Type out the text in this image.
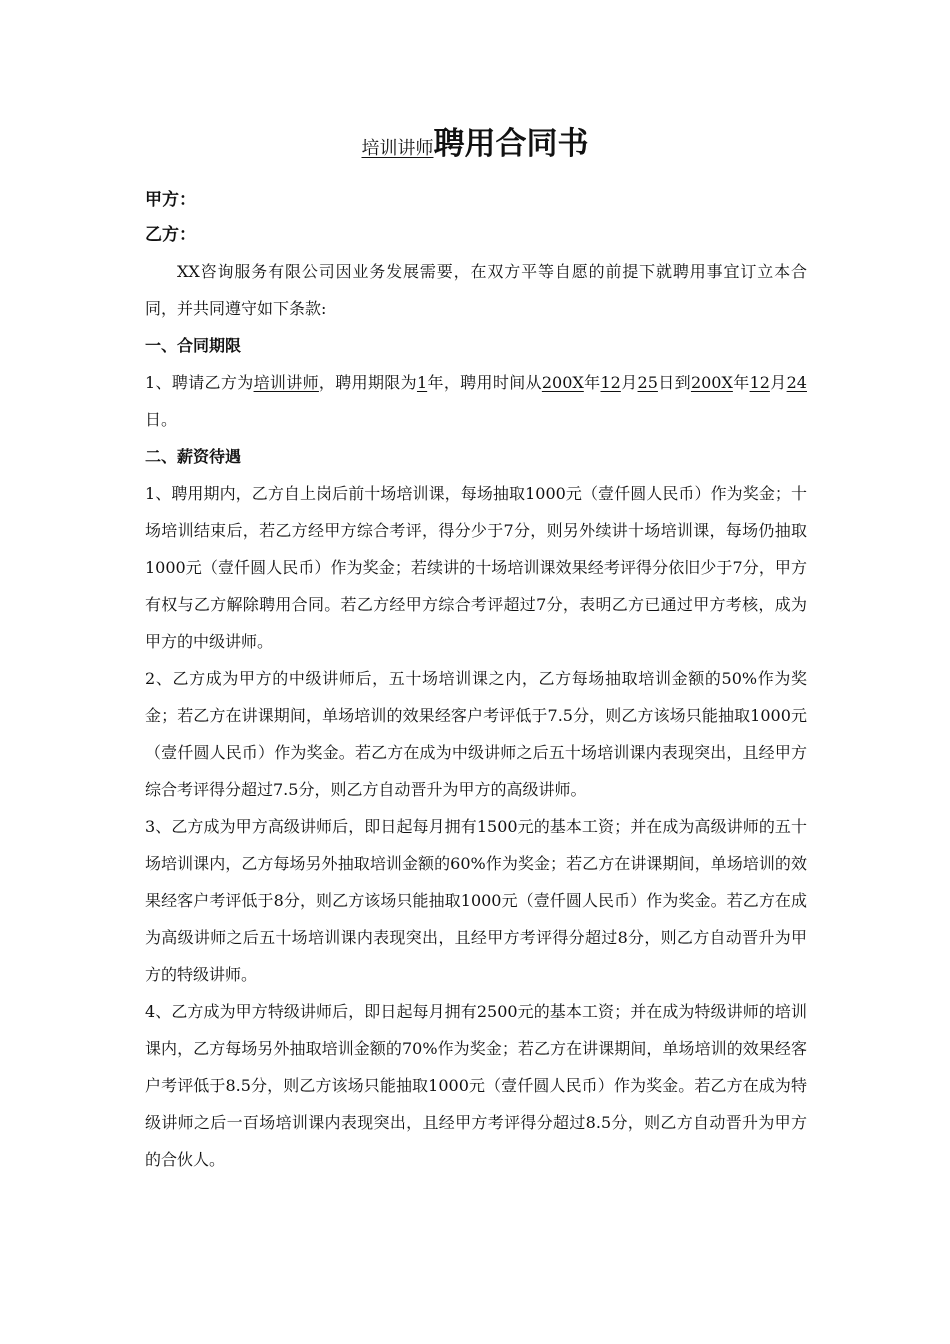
培训讲师聘用合同书
甲方：
乙方：

XX咨询服务有限公司因业务发展需要，在双方平等自愿的前提下就聘用事宜订立本合同，并共同遵守如下条款:

一、合同期限

1、聘请乙方为培训讲师，聘用期限为1年，聘用时间从200X年12月25日到200X年12月24日。

二、薪资待遇

1、聘用期内，乙方自上岗后前十场培训课，每场抽取1000元（壹仟圆人民币）作为奖金；十场培训结束后，若乙方经甲方综合考评，得分少于7分，则另外续讲十场培训课，每场仍抽取1000元（壹仟圆人民币）作为奖金；若续讲的十场培训课效果经考评得分依旧少于7分，甲方有权与乙方解除聘用合同。若乙方经甲方综合考评超过7分，表明乙方已通过甲方考核，成为甲方的中级讲师。

2、乙方成为甲方的中级讲师后，五十场培训课之内，乙方每场抽取培训金额的50%作为奖金；若乙方在讲课期间，单场培训的效果经客户考评低于7.5分，则乙方该场只能抽取1000元（壹仟圆人民币）作为奖金。若乙方在成为中级讲师之后五十场培训课内表现突出，且经甲方综合考评得分超过7.5分，则乙方自动晋升为甲方的高级讲师。

3、乙方成为甲方高级讲师后，即日起每月拥有1500元的基本工资；并在成为高级讲师的五十场培训课内，乙方每场另外抽取培训金额的60%作为奖金；若乙方在讲课期间，单场培训的效果经客户考评低于8分，则乙方该场只能抽取1000元（壹仟圆人民币）作为奖金。若乙方在成为高级讲师之后五十场培训课内表现突出，且经甲方考评得分超过8分，则乙方自动晋升为甲方的特级讲师。

4、乙方成为甲方特级讲师后，即日起每月拥有2500元的基本工资；并在成为特级讲师的培训课内，乙方每场另外抽取培训金额的70%作为奖金；若乙方在讲课期间，单场培训的效果经客户考评低于8.5分，则乙方该场只能抽取1000元（壹仟圆人民币）作为奖金。若乙方在成为特级讲师之后一百场培训课内表现突出，且经甲方考评得分超过8.5分，则乙方自动晋升为甲方的合伙人。
